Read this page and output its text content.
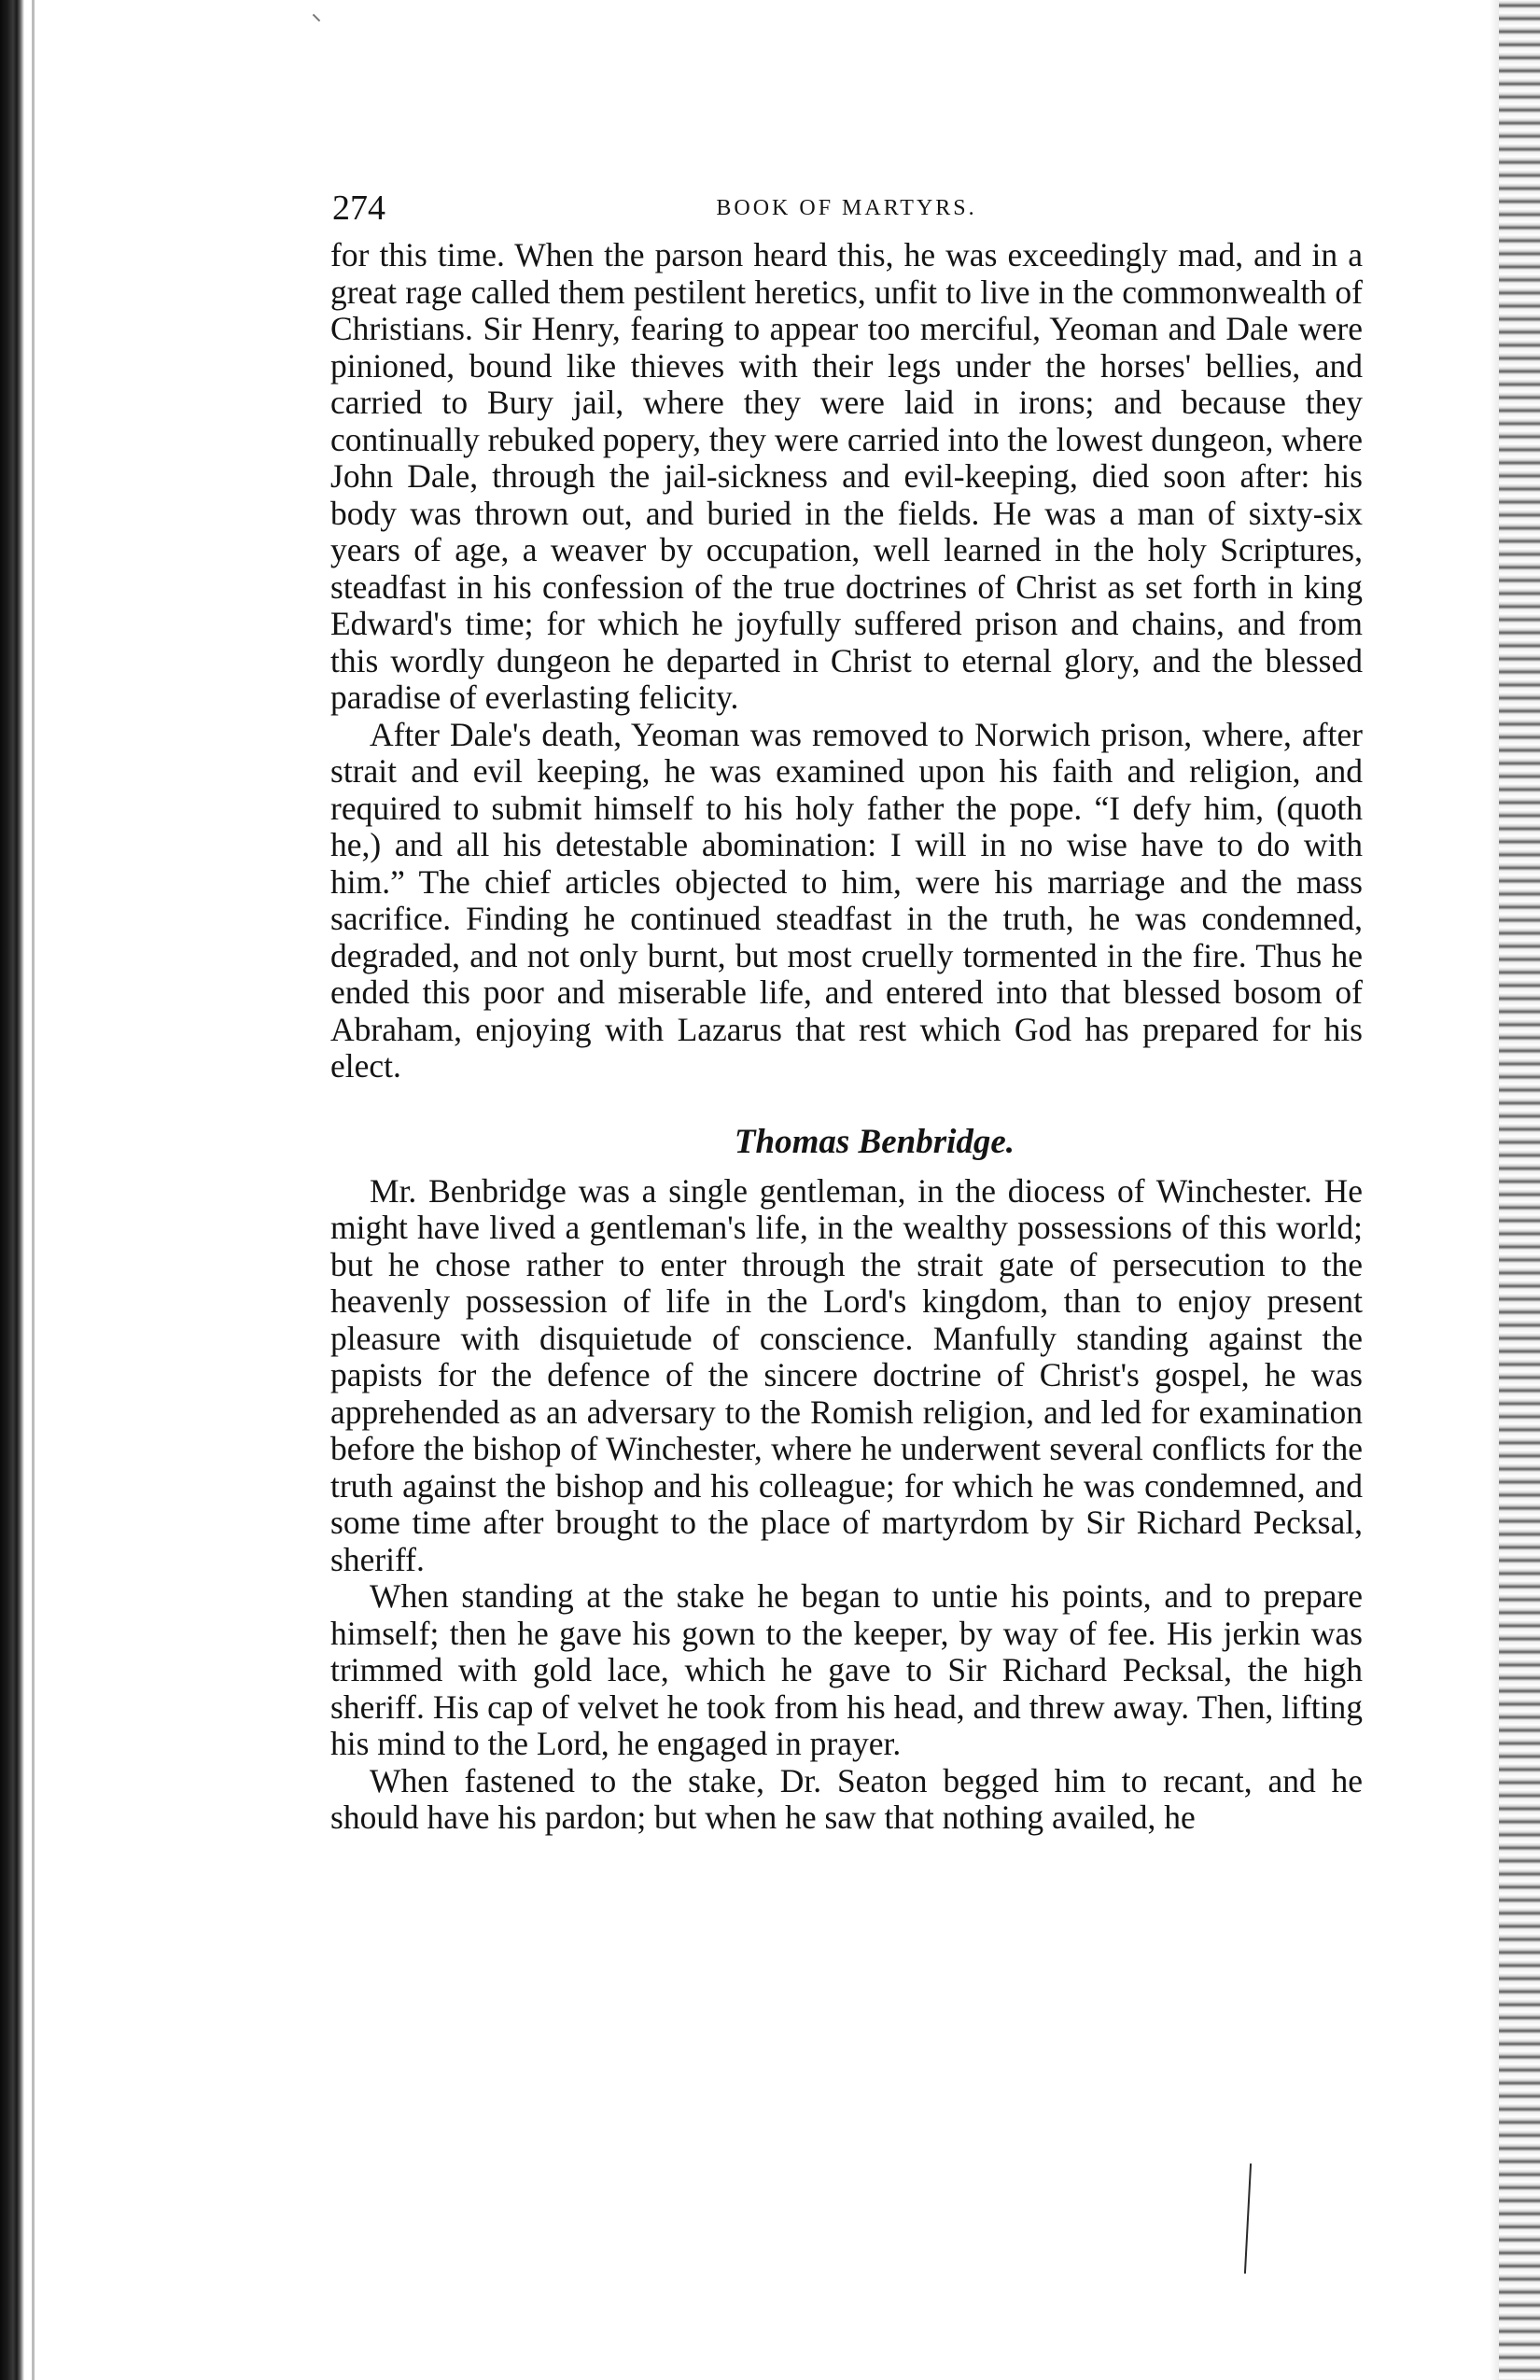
274	BOOK OF MARTYRS.

for this time. When the parson heard this, he was exceedingly mad, and in a great rage called them pestilent heretics, unfit to live in the commonwealth of Christians. Sir Henry, fearing to appear too merciful, Yeoman and Dale were pinioned, bound like thieves with their legs under the horses' bellies, and carried to Bury jail, where they were laid in irons; and because they continually rebuked popery, they were carried into the lowest dungeon, where John Dale, through the jail-sickness and evil-keeping, died soon after: his body was thrown out, and buried in the fields. He was a man of sixty-six years of age, a weaver by occupation, well learned in the holy Scriptures, steadfast in his confession of the true doctrines of Christ as set forth in king Edward's time; for which he joyfully suffered prison and chains, and from this wordly dungeon he departed in Christ to eternal glory, and the blessed paradise of everlasting felicity.

After Dale's death, Yeoman was removed to Norwich prison, where, after strait and evil keeping, he was examined upon his faith and religion, and required to submit himself to his holy father the pope. “I defy him, (quoth he,) and all his detestable abomination: I will in no wise have to do with him.” The chief articles objected to him, were his marriage and the mass sacrifice. Finding he continued steadfast in the truth, he was condemned, degraded, and not only burnt, but most cruelly tormented in the fire. Thus he ended this poor and miserable life, and entered into that blessed bosom of Abraham, enjoying with Lazarus that rest which God has prepared for his elect.

Thomas Benbridge.

Mr. Benbridge was a single gentleman, in the diocess of Winchester. He might have lived a gentleman's life, in the wealthy possessions of this world; but he chose rather to enter through the strait gate of persecution to the heavenly possession of life in the Lord's kingdom, than to enjoy present pleasure with disquietude of conscience. Manfully standing against the papists for the defence of the sincere doctrine of Christ's gospel, he was apprehended as an adversary to the Romish religion, and led for examination before the bishop of Winchester, where he underwent several conflicts for the truth against the bishop and his colleague; for which he was condemned, and some time after brought to the place of martyrdom by Sir Richard Pecksal, sheriff.

When standing at the stake he began to untie his points, and to prepare himself; then he gave his gown to the keeper, by way of fee. His jerkin was trimmed with gold lace, which he gave to Sir Richard Pecksal, the high sheriff. His cap of velvet he took from his head, and threw away. Then, lifting his mind to the Lord, he engaged in prayer.

When fastened to the stake, Dr. Seaton begged him to recant, and he should have his pardon; but when he saw that nothing availed, he
